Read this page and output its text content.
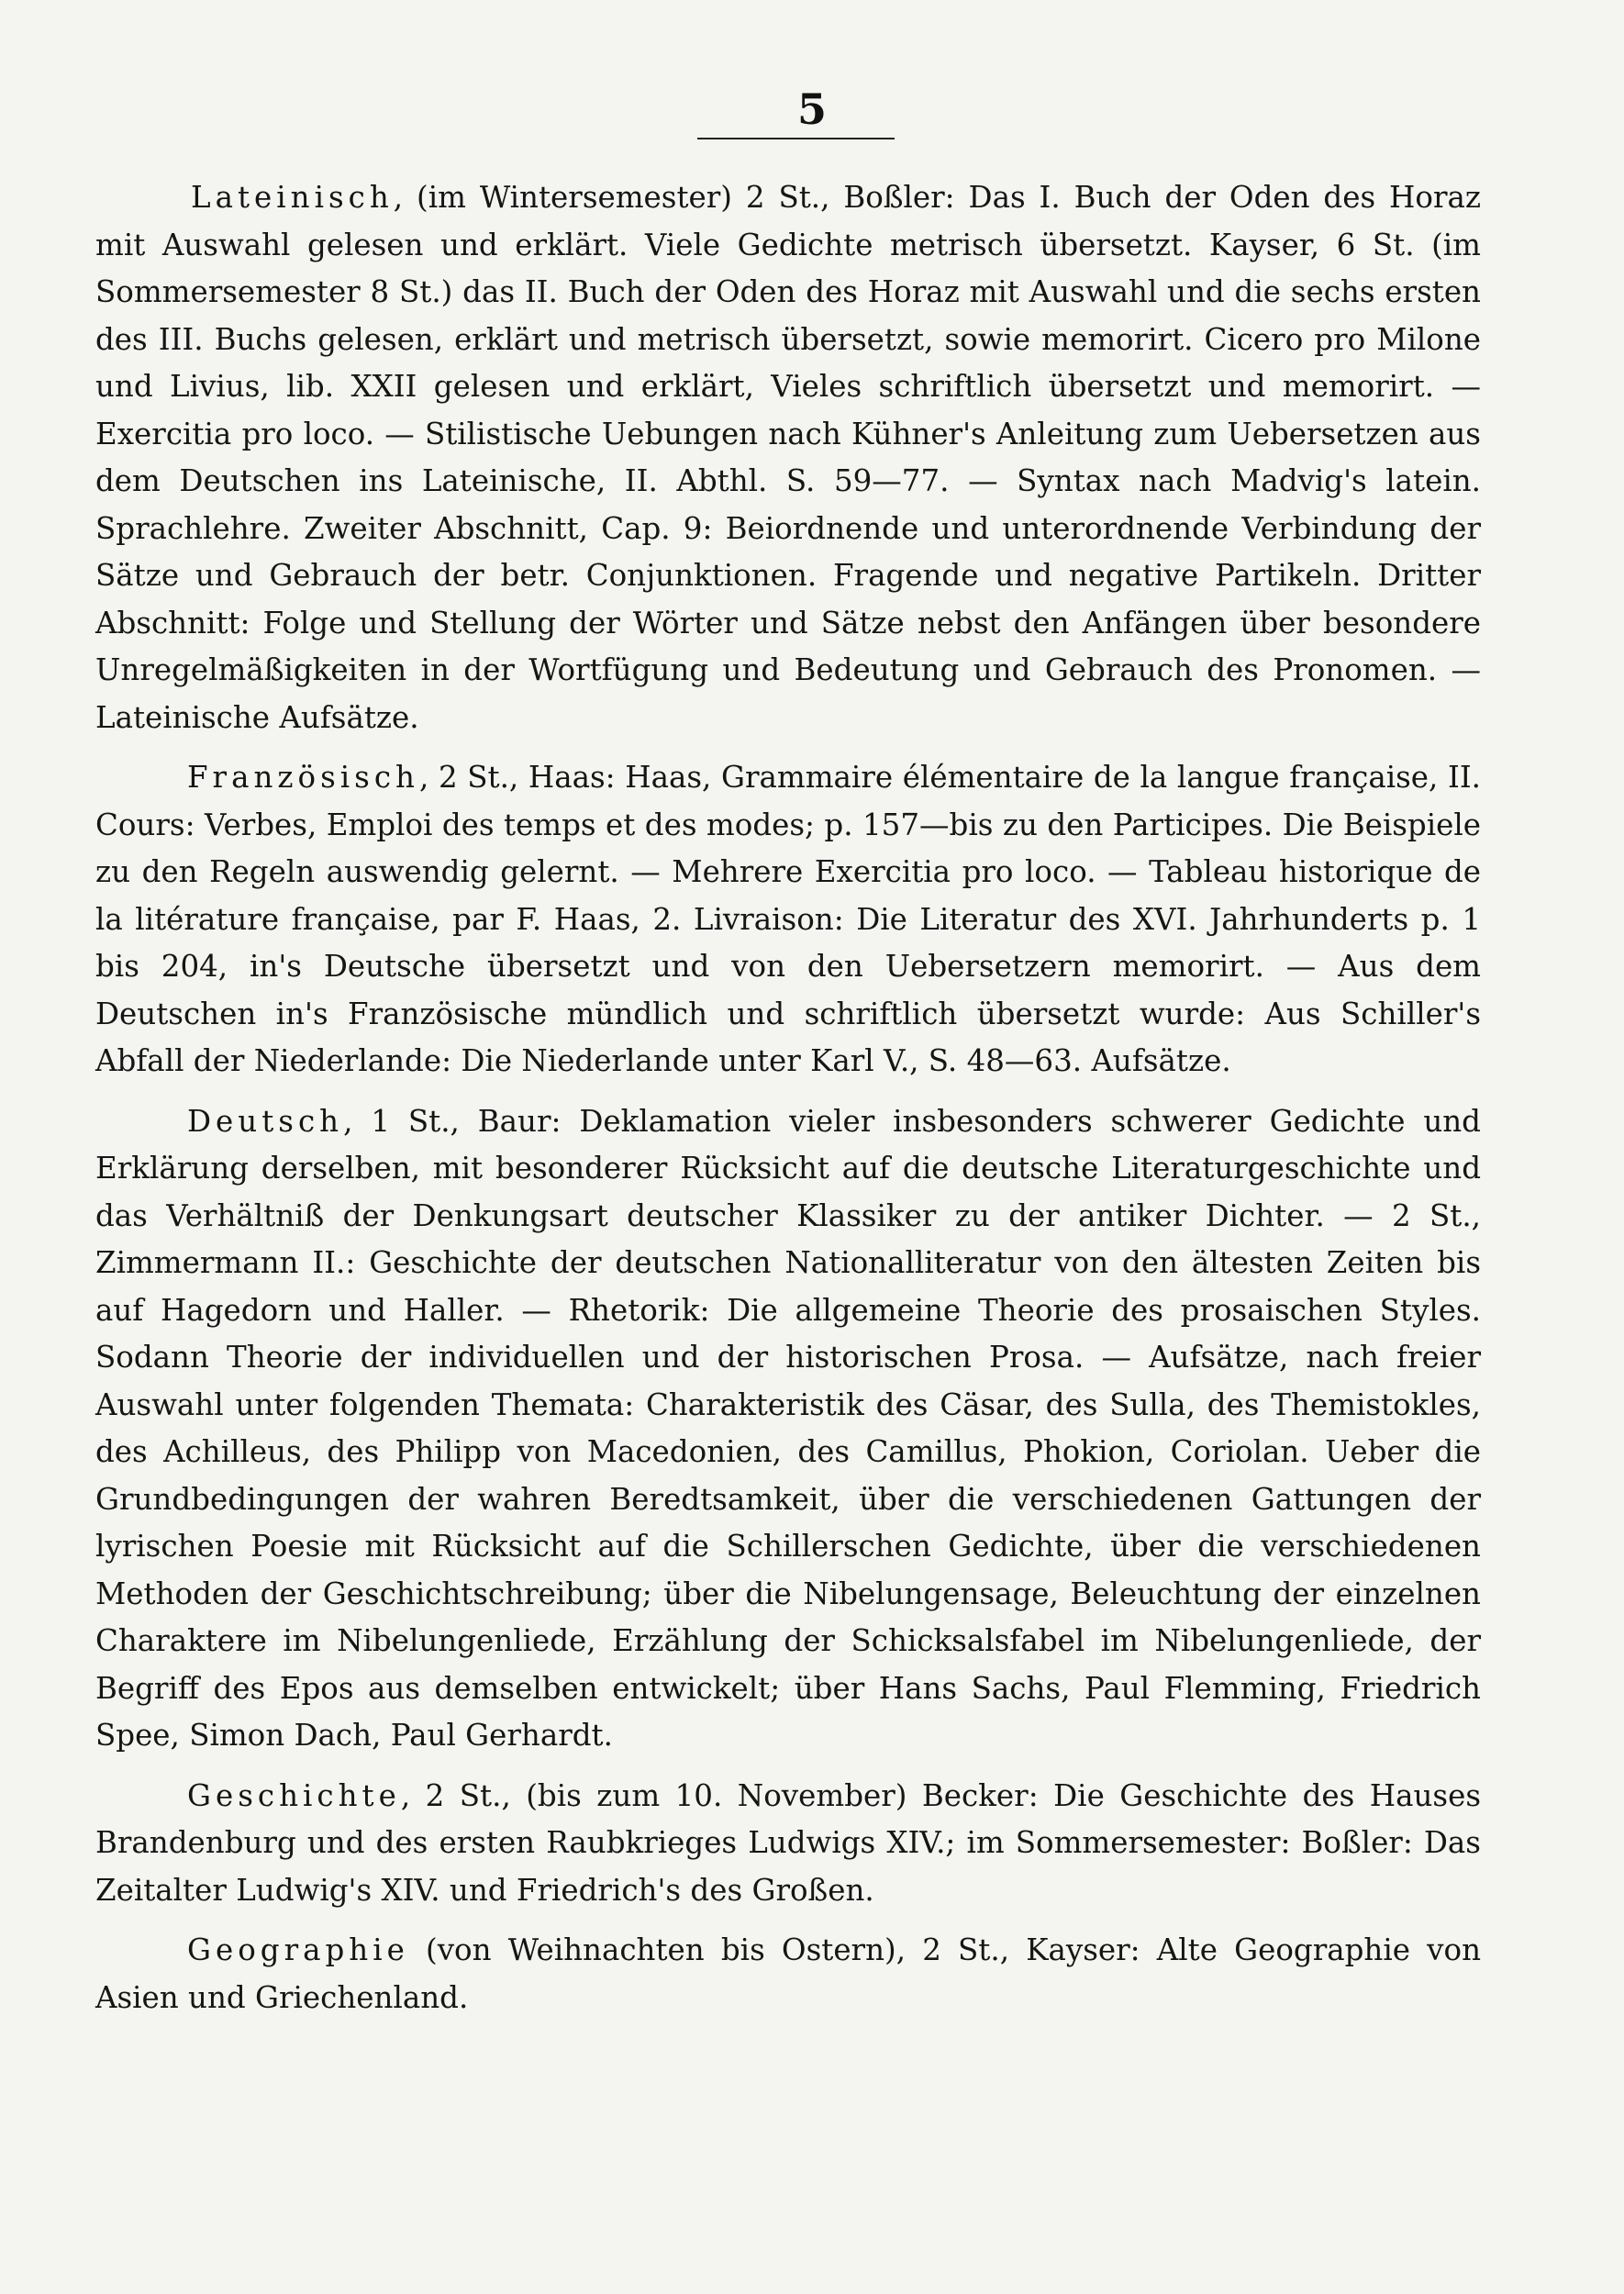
5

Lateinisch, (im Wintersemester) 2 St., Boßler: Das I. Buch der Oden des Horaz mit Auswahl gelesen und erklärt. Viele Gedichte metrisch übersetzt. Kayser, 6 St. (im Sommersemester 8 St.) das II. Buch der Oden des Horaz mit Auswahl und die sechs ersten des III. Buchs gelesen, erklärt und metrisch übersetzt, sowie memorirt. Cicero pro Milone und Livius, lib. XXII gelesen und erklärt, Vieles schriftlich übersetzt und memorirt. — Exercitia pro loco. — Stilistische Uebungen nach Kühner's Anleitung zum Uebersetzen aus dem Deutschen ins Lateinische, II. Abthl. S. 59—77. — Syntax nach Madvig's latein. Sprachlehre. Zweiter Abschnitt, Cap. 9: Beiordnende und unterordnende Verbindung der Sätze und Gebrauch der betr. Conjunktionen. Fragende und negative Partikeln. Dritter Abschnitt: Folge und Stellung der Wörter und Sätze nebst den Anfängen über besondere Unregelmäßigkeiten in der Wortfügung und Bedeutung und Gebrauch des Pronomen. — Lateinische Aufsätze.

Französisch, 2 St., Haas: Haas, Grammaire élémentaire de la langue française, II. Cours: Verbes, Emploi des temps et des modes; p. 157—bis zu den Participes. Die Beispiele zu den Regeln auswendig gelernt. — Mehrere Exercitia pro loco. — Tableau historique de la litérature française, par F. Haas, 2. Livraison: Die Literatur des XVI. Jahrhunderts p. 1 bis 204, in's Deutsche übersetzt und von den Uebersetzern memorirt. — Aus dem Deutschen in's Französische mündlich und schriftlich übersetzt wurde: Aus Schiller's Abfall der Niederlande: Die Niederlande unter Karl V., S. 48—63. Aufsätze.

Deutsch, 1 St., Baur: Deklamation vieler insbesonders schwerer Gedichte und Erklärung derselben, mit besonderer Rücksicht auf die deutsche Literaturgeschichte und das Verhältniß der Denkungsart deutscher Klassiker zu der antiker Dichter. — 2 St., Zimmermann II.: Geschichte der deutschen Nationalliteratur von den ältesten Zeiten bis auf Hagedorn und Haller. — Rhetorik: Die allgemeine Theorie des prosaischen Styles. Sodann Theorie der individuellen und der historischen Prosa. — Aufsätze, nach freier Auswahl unter folgenden Themata: Charakteristik des Cäsar, des Sulla, des Themistokles, des Achilleus, des Philipp von Macedonien, des Camillus, Phokion, Coriolan. Ueber die Grundbedingungen der wahren Beredtsamkeit, über die verschiedenen Gattungen der lyrischen Poesie mit Rücksicht auf die Schillerschen Gedichte, über die verschiedenen Methoden der Geschichtschreibung; über die Nibelungensage, Beleuchtung der einzelnen Charaktere im Nibelungenliede, Erzählung der Schicksalsfabel im Nibelungenliede, der Begriff des Epos aus demselben entwickelt; über Hans Sachs, Paul Flemming, Friedrich Spee, Simon Dach, Paul Gerhardt.

Geschichte, 2 St., (bis zum 10. November) Becker: Die Geschichte des Hauses Brandenburg und des ersten Raubkrieges Ludwigs XIV.; im Sommersemester: Boßler: Das Zeitalter Ludwig's XIV. und Friedrich's des Großen.

Geographie (von Weihnachten bis Ostern), 2 St., Kayser: Alte Geographie von Asien und Griechenland.
